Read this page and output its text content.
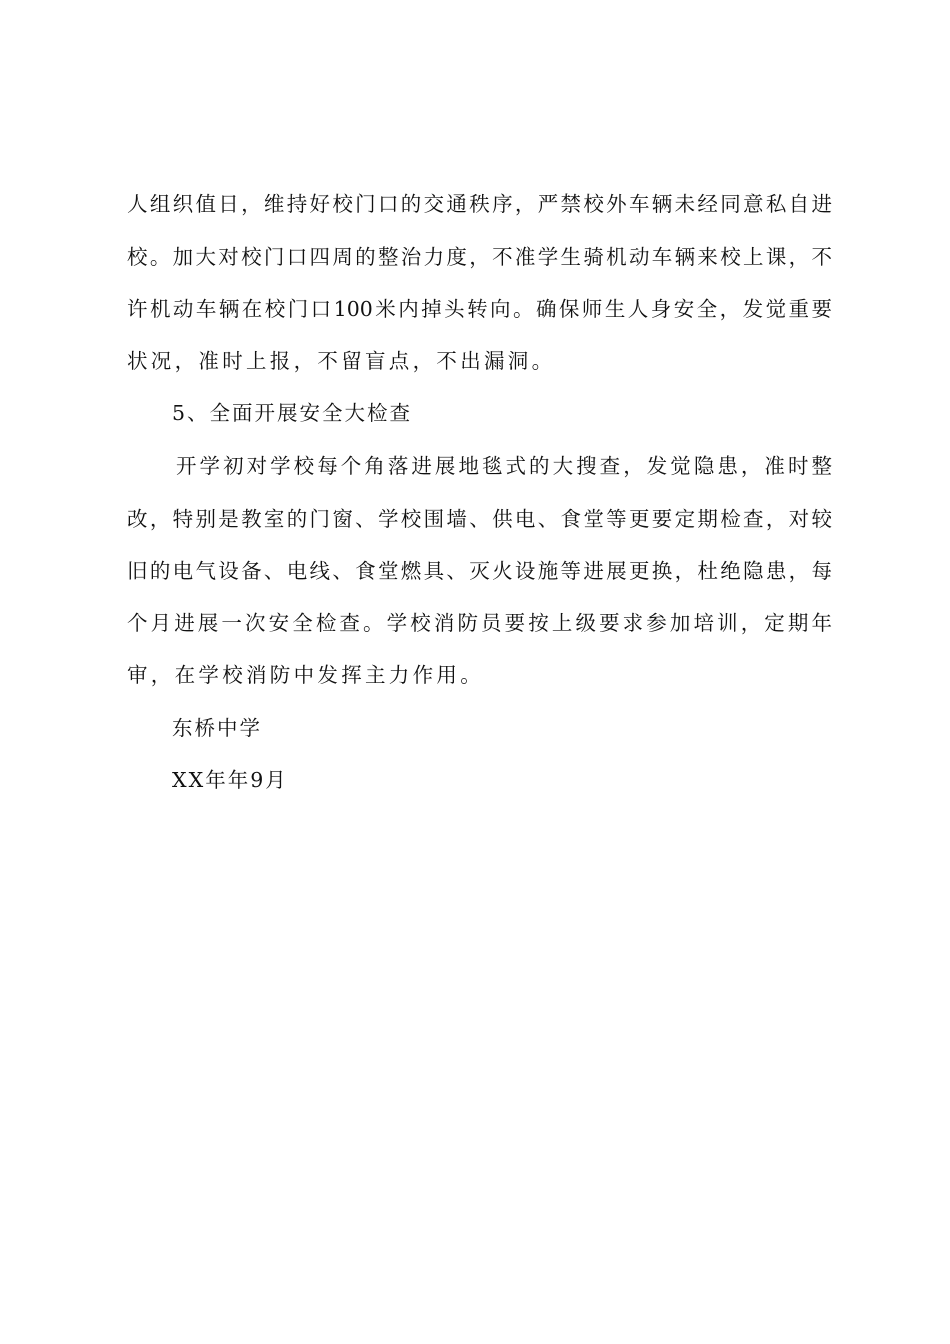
人组织值日，维持好校门口的交通秩序，严禁校外车辆未经同意私自进
校。加大对校门口四周的整治力度，不准学生骑机动车辆来校上课，不
许机动车辆在校门口100米内掉头转向。确保师生人身安全，发觉重要
状况，准时上报，不留盲点，不出漏洞。
5、全面开展安全大检查
开学初对学校每个角落进展地毯式的大搜查，发觉隐患，准时整
改，特别是教室的门窗、学校围墙、供电、食堂等更要定期检查，对较
旧的电气设备、电线、食堂燃具、灭火设施等进展更换，杜绝隐患，每
个月进展一次安全检查。学校消防员要按上级要求参加培训，定期年
审，在学校消防中发挥主力作用。
东桥中学
XX年年9月
